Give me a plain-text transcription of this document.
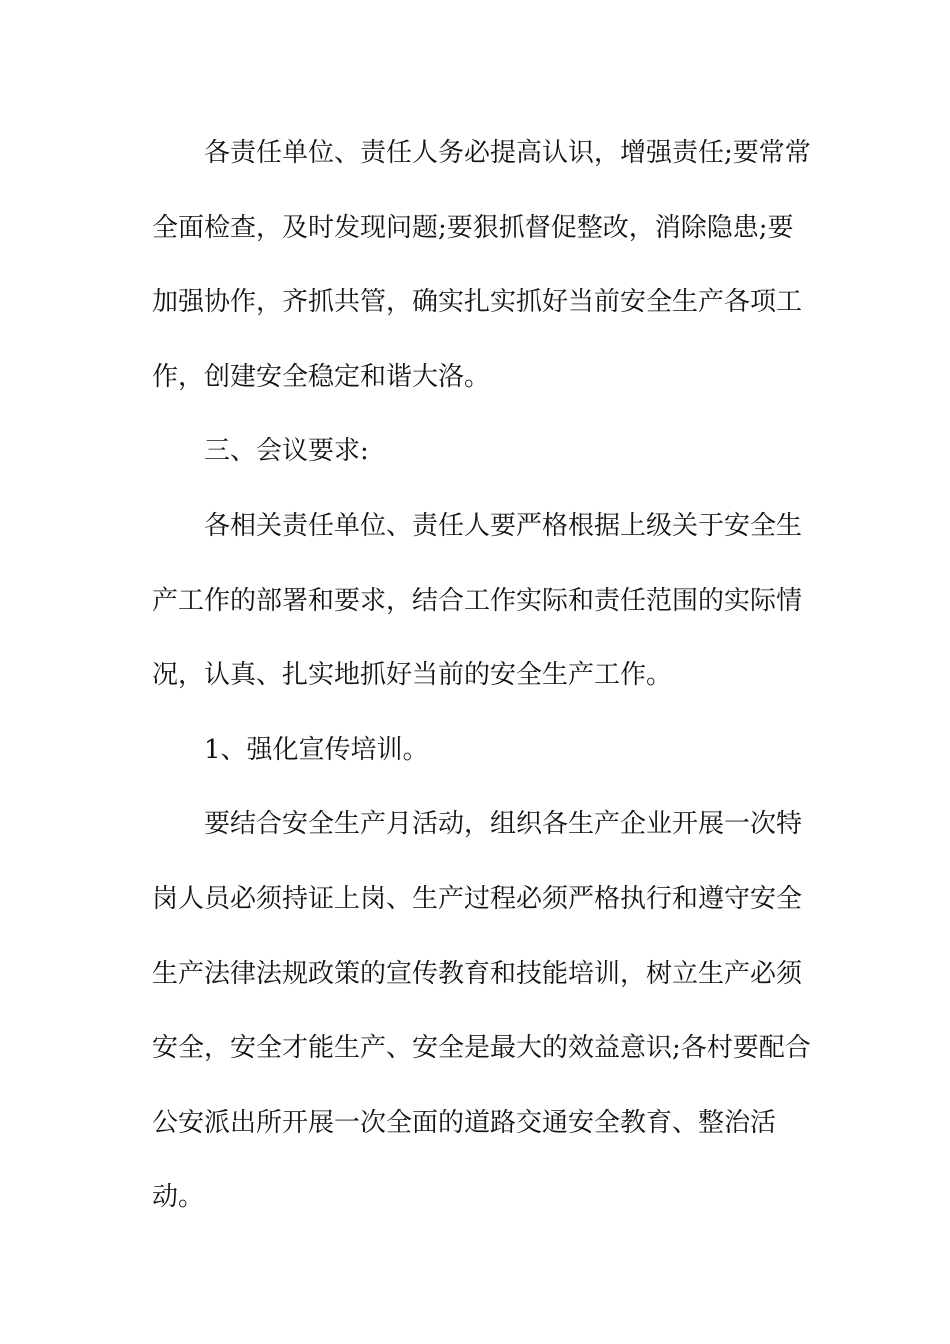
各责任单位、责任人务必提高认识，增强责任;要常常
全面检查，及时发现问题;要狠抓督促整改，消除隐患;要
加强协作，齐抓共管，确实扎实抓好当前安全生产各项工
作，创建安全稳定和谐大洛。
三、会议要求:
各相关责任单位、责任人要严格根据上级关于安全生
产工作的部署和要求，结合工作实际和责任范围的实际情
况，认真、扎实地抓好当前的安全生产工作。
1、强化宣传培训。
要结合安全生产月活动，组织各生产企业开展一次特
岗人员必须持证上岗、生产过程必须严格执行和遵守安全
生产法律法规政策的宣传教育和技能培训，树立生产必须
安全，安全才能生产、安全是最大的效益意识;各村要配合
公安派出所开展一次全面的道路交通安全教育、整治活
动。
